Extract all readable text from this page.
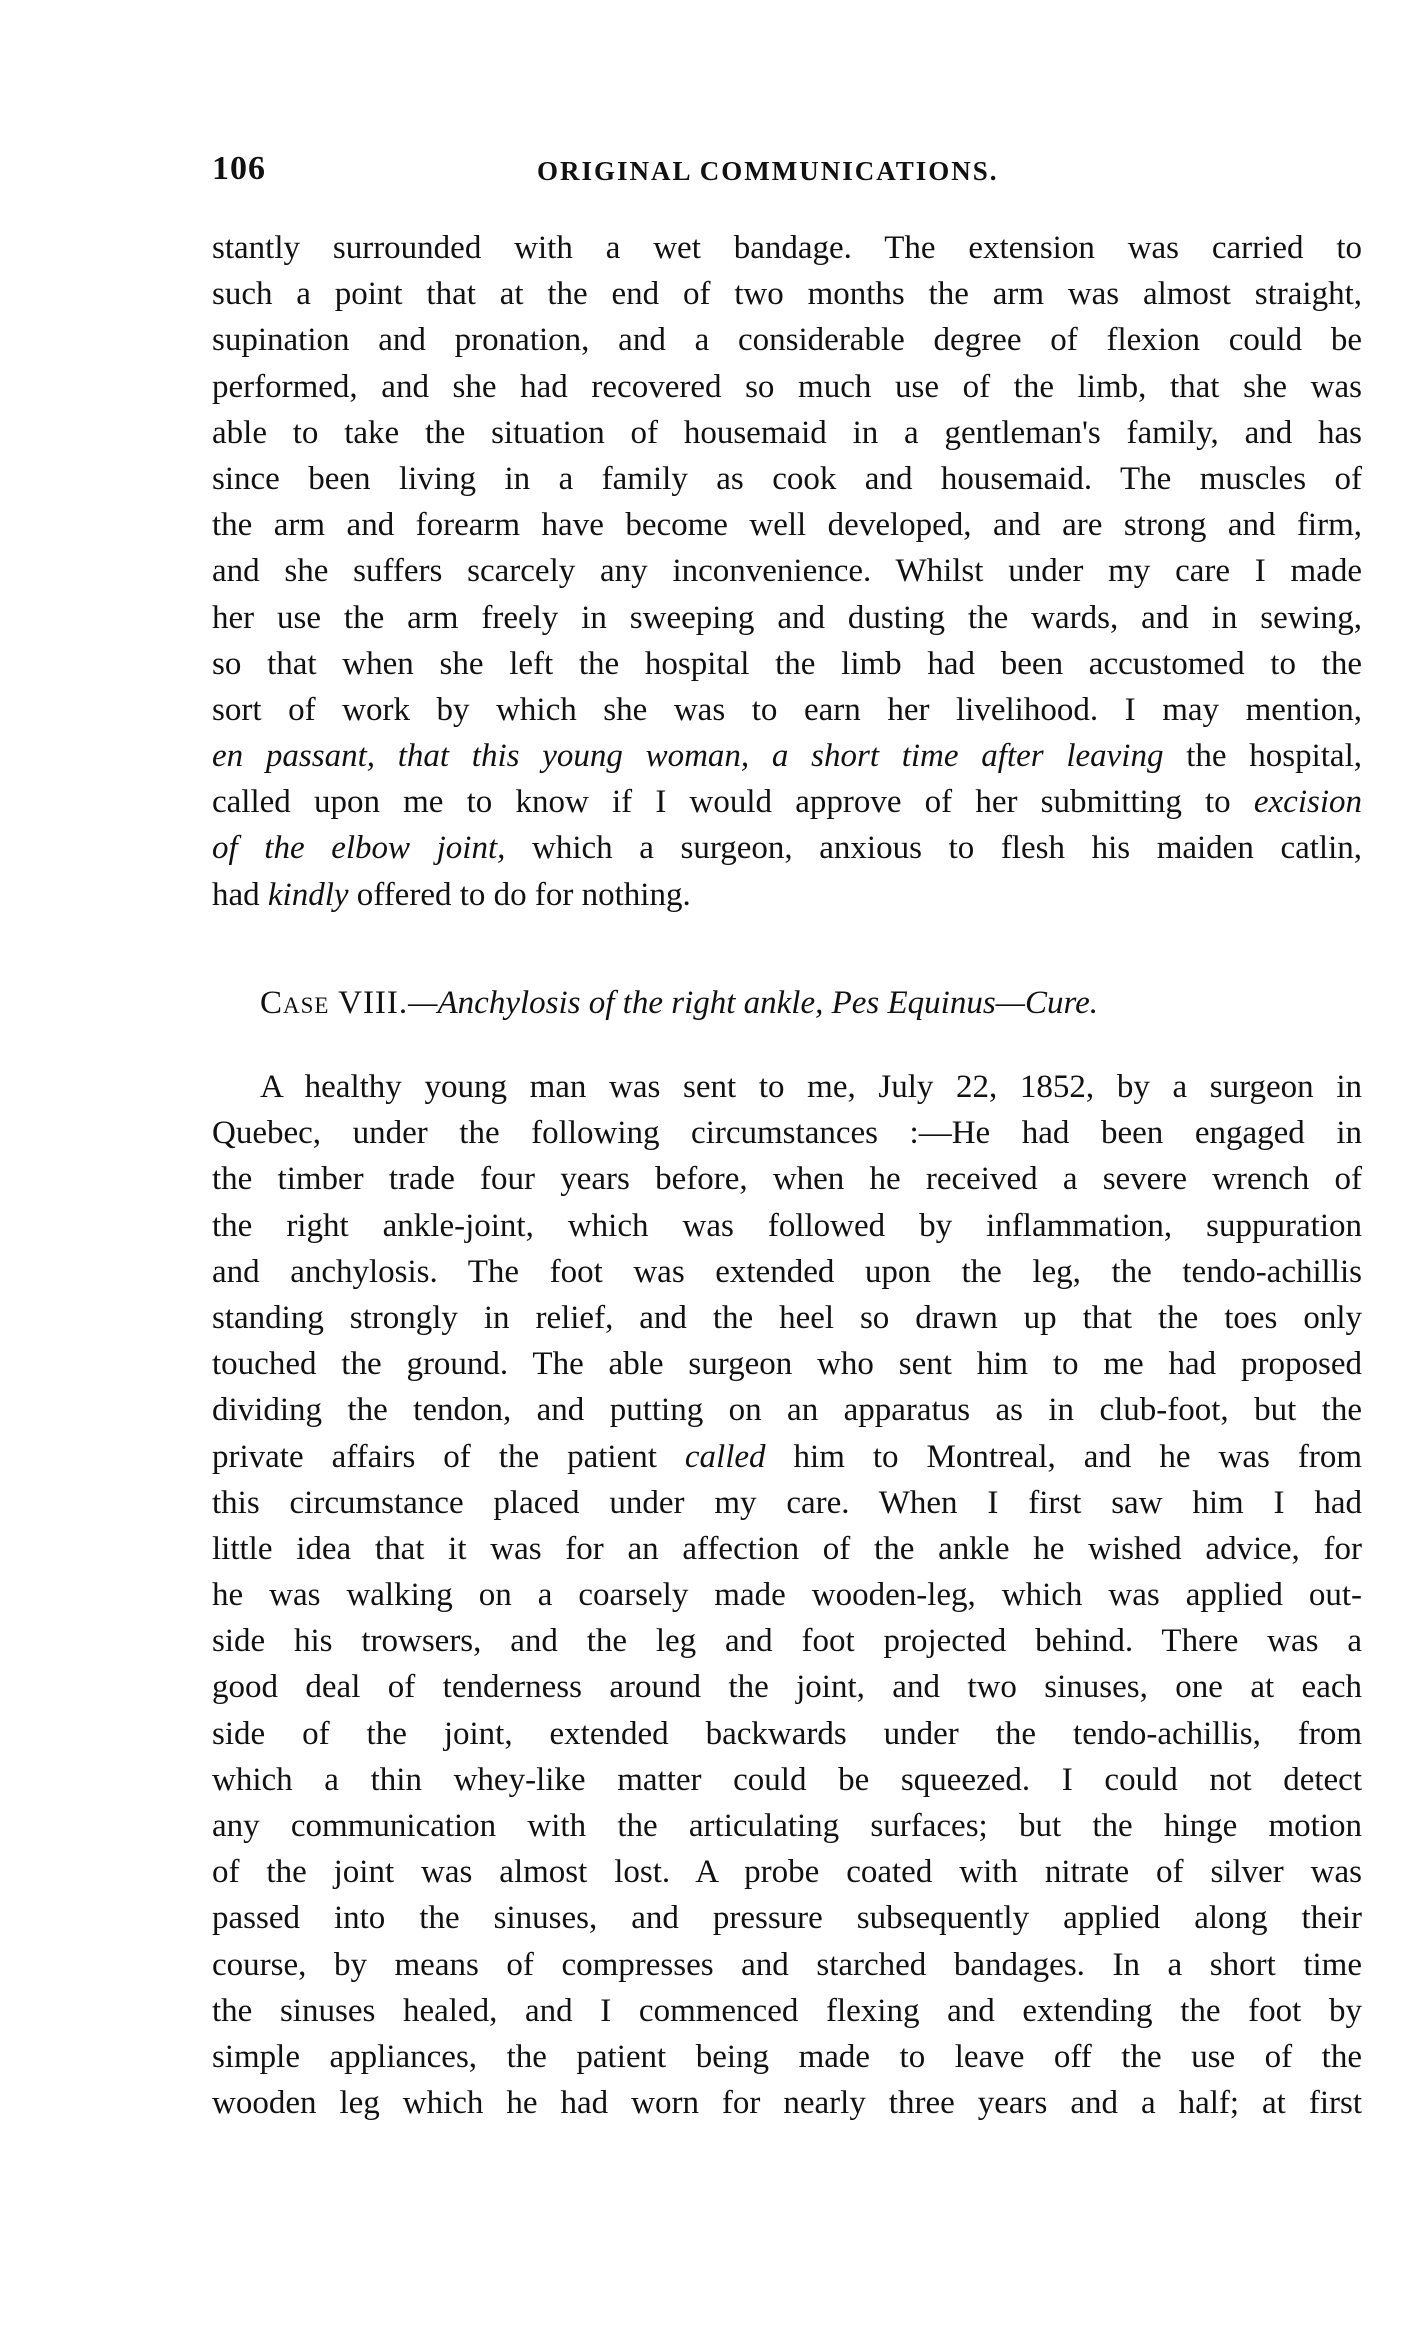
106	ORIGINAL COMMUNICATIONS.
stantly surrounded with a wet bandage. The extension was carried to
such a point that at the end of two months the arm was almost straight,
supination and pronation, and a considerable degree of flexion could be
performed, and she had recovered so much use of the limb, that she was
able to take the situation of housemaid in a gentleman's family, and has
since been living in a family as cook and housemaid. The muscles of
the arm and forearm have become well developed, and are strong and firm,
and she suffers scarcely any inconvenience. Whilst under my care I made
her use the arm freely in sweeping and dusting the wards, and in sewing,
so that when she left the hospital the limb had been accustomed to the
sort of work by which she was to earn her livelihood. I may mention,
en passant, that this young woman, a short time after leaving the hospital,
called upon me to know if I would approve of her submitting to excision
of the elbow joint, which a surgeon, anxious to flesh his maiden catlin,
had kindly offered to do for nothing.
Case VIII.—Anchylosis of the right ankle, Pes Equinus—Cure.
A healthy young man was sent to me, July 22, 1852, by a surgeon in
Quebec, under the following circumstances :—He had been engaged in
the timber trade four years before, when he received a severe wrench of
the right ankle-joint, which was followed by inflammation, suppuration
and anchylosis. The foot was extended upon the leg, the tendo-achillis
standing strongly in relief, and the heel so drawn up that the toes only
touched the ground. The able surgeon who sent him to me had proposed
dividing the tendon, and putting on an apparatus as in club-foot, but the
private affairs of the patient called him to Montreal, and he was from
this circumstance placed under my care. When I first saw him I had
little idea that it was for an affection of the ankle he wished advice, for
he was walking on a coarsely made wooden-leg, which was applied out-
side his trowsers, and the leg and foot projected behind. There was a
good deal of tenderness around the joint, and two sinuses, one at each
side of the joint, extended backwards under the tendo-achillis, from
which a thin whey-like matter could be squeezed. I could not detect
any communication with the articulating surfaces; but the hinge motion
of the joint was almost lost. A probe coated with nitrate of silver was
passed into the sinuses, and pressure subsequently applied along their
course, by means of compresses and starched bandages. In a short time
the sinuses healed, and I commenced flexing and extending the foot by
simple appliances, the patient being made to leave off the use of the
wooden leg which he had worn for nearly three years and a half; at first
